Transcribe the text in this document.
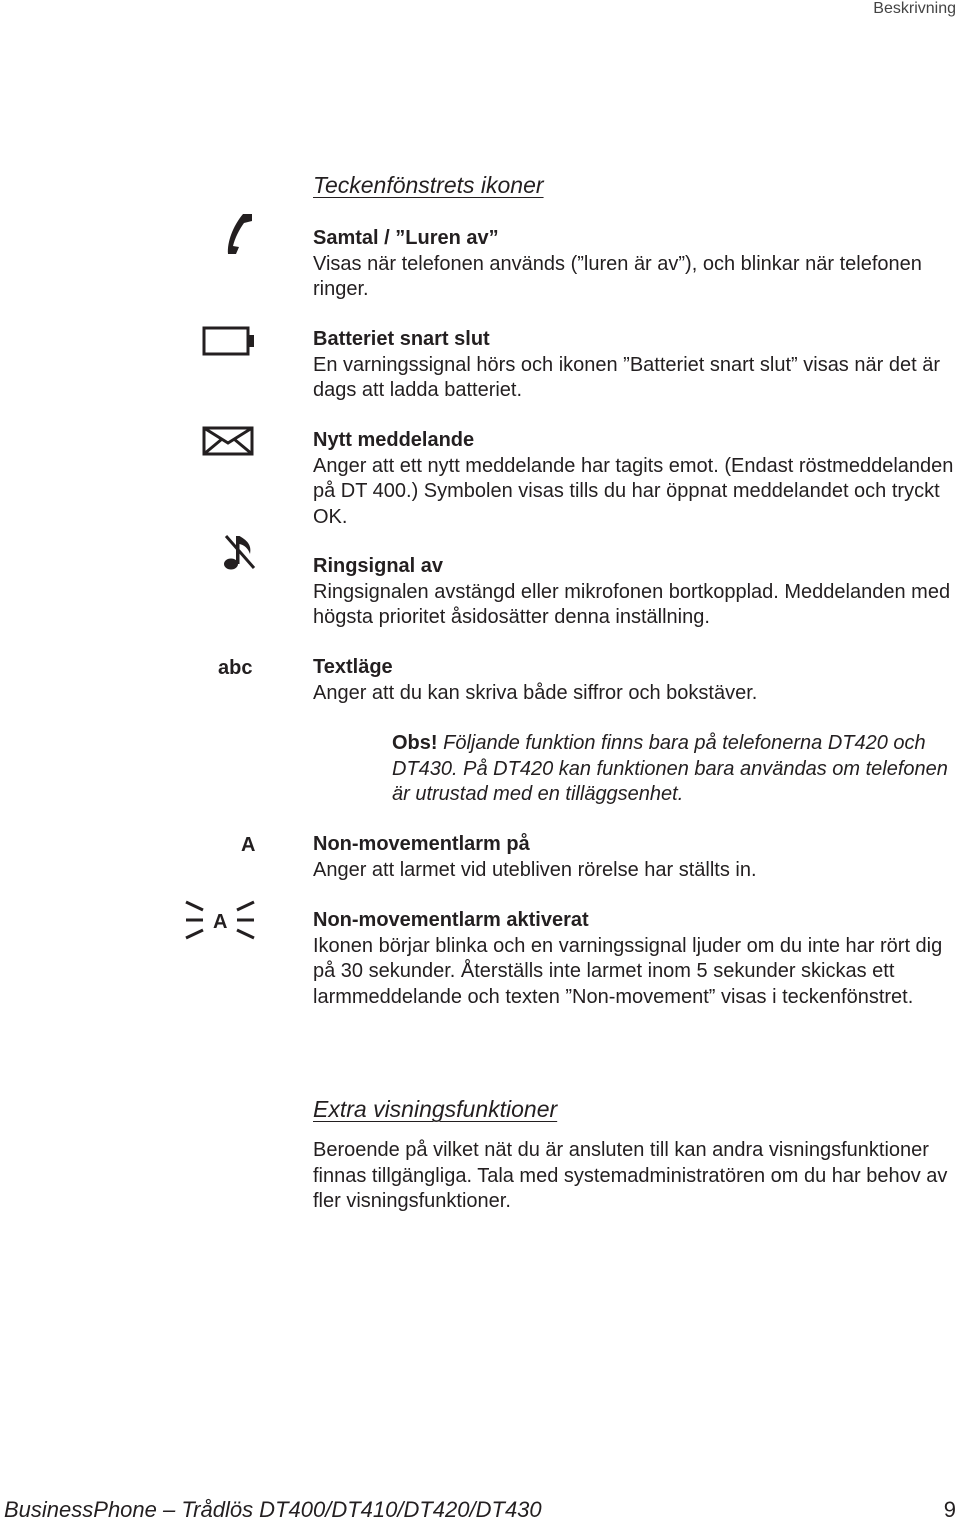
Beskrivning
Teckenfönstrets ikoner
Samtal / ”Luren av”
Visas när telefonen används (”luren är av”), och blinkar när telefonen ringer.
Batteriet snart slut
En varningssignal hörs och ikonen ”Batteriet snart slut” visas när det är dags att ladda batteriet.
Nytt meddelande
Anger att ett nytt meddelande har tagits emot. (Endast röstmeddelanden på DT 400.) Symbolen visas tills du har öppnat meddelandet och tryckt OK.
Ringsignal av
Ringsignalen avstängd eller mikrofonen bortkopplad. Meddelanden med högsta prioritet åsidosätter denna inställning.
abc	Textläge
Anger att du kan skriva både siffror och bokstäver.
Obs! Följande funktion finns bara på telefonerna DT420 och DT430. På DT420 kan funktionen bara användas om telefonen är utrustad med en tilläggsenhet.
A	Non-movementlarm på
Anger att larmet vid utebliven rörelse har ställts in.
A	Non-movementlarm aktiverat
Ikonen börjar blinka och en varningssignal ljuder om du inte har rört dig på 30 sekunder. Återställs inte larmet inom 5 sekunder skickas ett larmmeddelande och texten ”Non-movement” visas i teckenfönstret.
Extra visningsfunktioner
Beroende på vilket nät du är ansluten till kan andra visningsfunktioner finnas tillgängliga. Tala med systemadministratören om du har behov av fler visningsfunktioner.
BusinessPhone – Trådlös DT400/DT410/DT420/DT430	9
